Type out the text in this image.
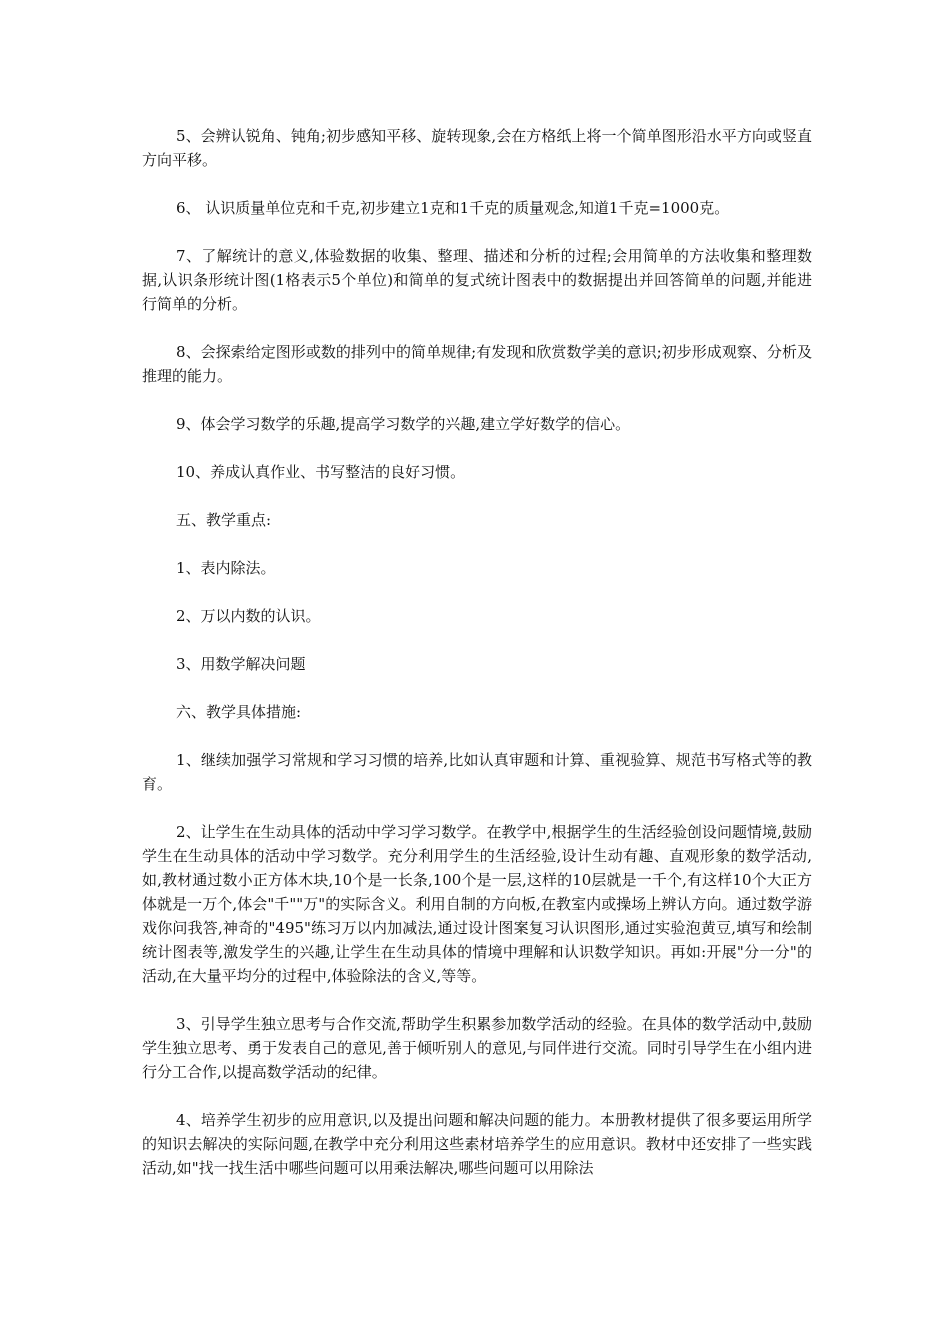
5、会辨认锐角、钝角;初步感知平移、旋转现象,会在方格纸上将一个简单图形沿水平方向或竖直方向平移。

6、 认识质量单位克和千克,初步建立1克和1千克的质量观念,知道1千克=1000克。

7、了解统计的意义,体验数据的收集、整理、描述和分析的过程;会用简单的方法收集和整理数据,认识条形统计图(1格表示5个单位)和简单的复式统计图表中的数据提出并回答简单的问题,并能进行简单的分析。

8、会探索给定图形或数的排列中的简单规律;有发现和欣赏数学美的意识;初步形成观察、分析及推理的能力。

9、体会学习数学的乐趣,提高学习数学的兴趣,建立学好数学的信心。

10、养成认真作业、书写整洁的良好习惯。

五、教学重点:

1、表内除法。

2、万以内数的认识。

3、用数学解决问题

六、教学具体措施:

1、继续加强学习常规和学习习惯的培养,比如认真审题和计算、重视验算、规范书写格式等的教育。

2、让学生在生动具体的活动中学习学习数学。在教学中,根据学生的生活经验创设问题情境,鼓励学生在生动具体的活动中学习数学。充分利用学生的生活经验,设计生动有趣、直观形象的数学活动,如,教材通过数小正方体木块,10个是一长条,100个是一层,这样的10层就是一千个,有这样10个大正方体就是一万个,体会"千""万"的实际含义。利用自制的方向板,在教室内或操场上辨认方向。通过数学游戏你问我答,神奇的"495"练习万以内加减法,通过设计图案复习认识图形,通过实验泡黄豆,填写和绘制统计图表等,激发学生的兴趣,让学生在生动具体的情境中理解和认识数学知识。再如:开展"分一分"的活动,在大量平均分的过程中,体验除法的含义,等等。

3、引导学生独立思考与合作交流,帮助学生积累参加数学活动的经验。在具体的数学活动中,鼓励学生独立思考、勇于发表自己的意见,善于倾听别人的意见,与同伴进行交流。同时引导学生在小组内进行分工合作,以提高数学活动的纪律。

4、培养学生初步的应用意识,以及提出问题和解决问题的能力。本册教材提供了很多要运用所学的知识去解决的实际问题,在教学中充分利用这些素材培养学生的应用意识。教材中还安排了一些实践活动,如"找一找生活中哪些问题可以用乘法解决,哪些问题可以用除法
